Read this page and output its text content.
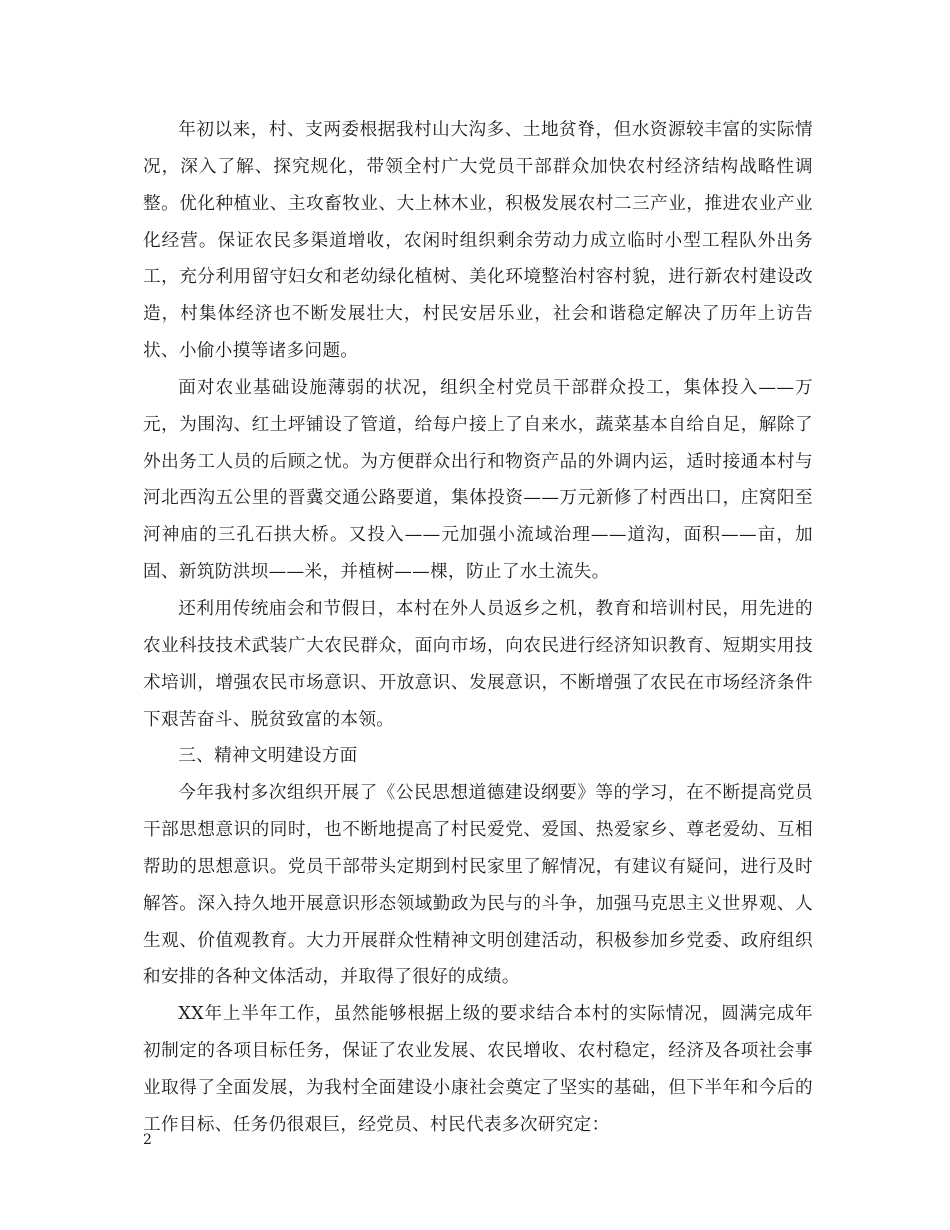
年初以来，村、支两委根据我村山大沟多、土地贫脊，但水资源较丰富的实际情况，深入了解、探究规化，带领全村广大党员干部群众加快农村经济结构战略性调整。优化种植业、主攻畜牧业、大上林木业，积极发展农村二三产业，推进农业产业化经营。保证农民多渠道增收，农闲时组织剩余劳动力成立临时小型工程队外出务工，充分利用留守妇女和老幼绿化植树、美化环境整治村容村貌，进行新农村建设改造，村集体经济也不断发展壮大，村民安居乐业，社会和谐稳定解决了历年上访告状、小偷小摸等诸多问题。

面对农业基础设施薄弱的状况，组织全村党员干部群众投工，集体投入——万元，为围沟、红土坪铺设了管道，给每户接上了自来水，蔬菜基本自给自足，解除了外出务工人员的后顾之忧。为方便群众出行和物资产品的外调内运，适时接通本村与河北西沟五公里的晋冀交通公路要道，集体投资——万元新修了村西出口，庄窝阳至河神庙的三孔石拱大桥。又投入——元加强小流域治理——道沟，面积——亩，加固、新筑防洪坝——米，并植树——棵，防止了水土流失。

还利用传统庙会和节假日，本村在外人员返乡之机，教育和培训村民，用先进的农业科技技术武装广大农民群众，面向市场，向农民进行经济知识教育、短期实用技术培训，增强农民市场意识、开放意识、发展意识，不断增强了农民在市场经济条件下艰苦奋斗、脱贫致富的本领。

三、精神文明建设方面

今年我村多次组织开展了《公民思想道德建设纲要》等的学习，在不断提高党员干部思想意识的同时，也不断地提高了村民爱党、爱国、热爱家乡、尊老爱幼、互相帮助的思想意识。党员干部带头定期到村民家里了解情况，有建议有疑问，进行及时解答。深入持久地开展意识形态领域勤政为民与的斗争，加强马克思主义世界观、人生观、价值观教育。大力开展群众性精神文明创建活动，积极参加乡党委、政府组织和安排的各种文体活动，并取得了很好的成绩。

XX年上半年工作，虽然能够根据上级的要求结合本村的实际情况，圆满完成年初制定的各项目标任务，保证了农业发展、农民增收、农村稳定，经济及各项社会事业取得了全面发展，为我村全面建设小康社会奠定了坚实的基础，但下半年和今后的工作目标、任务仍很艰巨，经党员、村民代表多次研究定：

2
